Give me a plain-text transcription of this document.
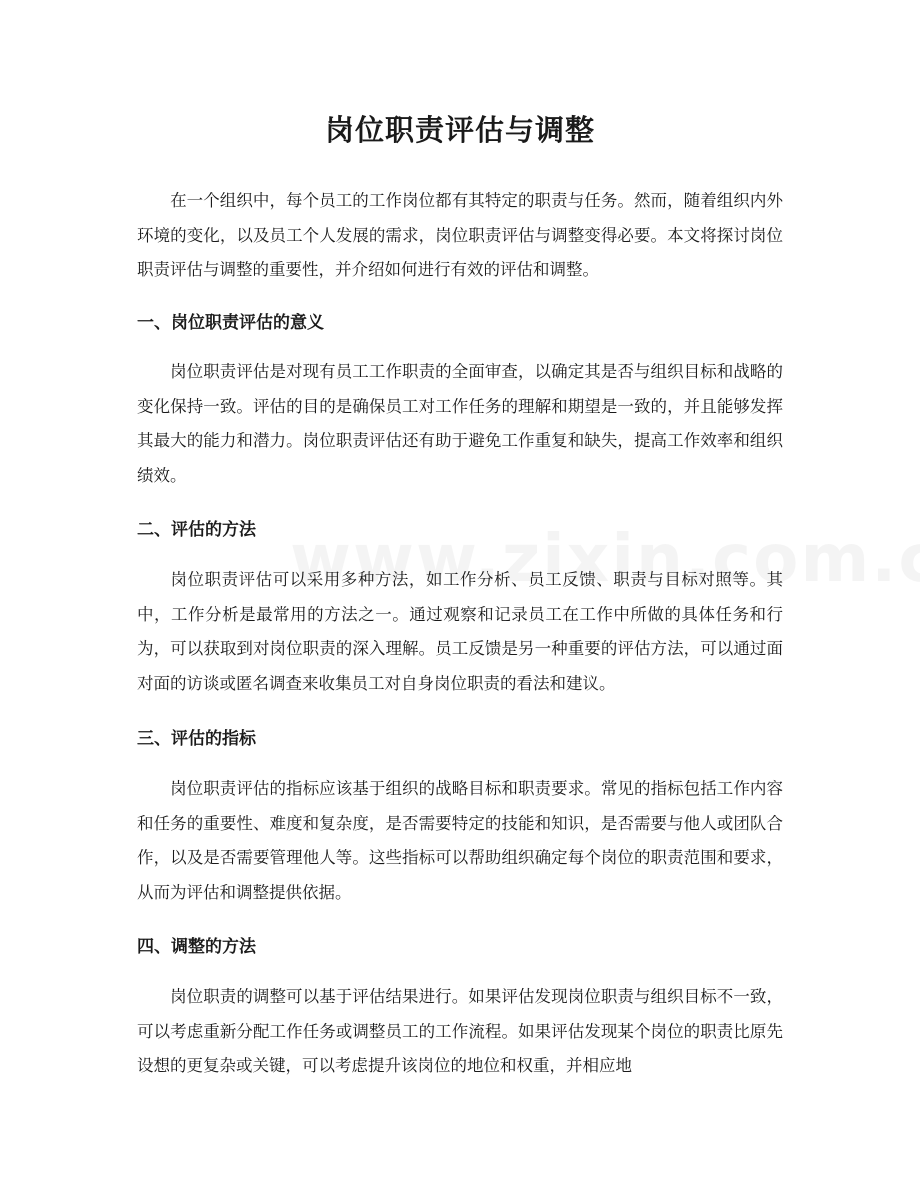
岗位职责评估与调整

在一个组织中，每个员工的工作岗位都有其特定的职责与任务。然而，随着组织内外环境的变化，以及员工个人发展的需求，岗位职责评估与调整变得必要。本文将探讨岗位职责评估与调整的重要性，并介绍如何进行有效的评估和调整。

一、岗位职责评估的意义

岗位职责评估是对现有员工工作职责的全面审查，以确定其是否与组织目标和战略的变化保持一致。评估的目的是确保员工对工作任务的理解和期望是一致的，并且能够发挥其最大的能力和潜力。岗位职责评估还有助于避免工作重复和缺失，提高工作效率和组织绩效。

二、评估的方法

岗位职责评估可以采用多种方法，如工作分析、员工反馈、职责与目标对照等。其中，工作分析是最常用的方法之一。通过观察和记录员工在工作中所做的具体任务和行为，可以获取到对岗位职责的深入理解。员工反馈是另一种重要的评估方法，可以通过面对面的访谈或匿名调查来收集员工对自身岗位职责的看法和建议。

三、评估的指标

岗位职责评估的指标应该基于组织的战略目标和职责要求。常见的指标包括工作内容和任务的重要性、难度和复杂度，是否需要特定的技能和知识，是否需要与他人或团队合作，以及是否需要管理他人等。这些指标可以帮助组织确定每个岗位的职责范围和要求，从而为评估和调整提供依据。

四、调整的方法

岗位职责的调整可以基于评估结果进行。如果评估发现岗位职责与组织目标不一致，可以考虑重新分配工作任务或调整员工的工作流程。如果评估发现某个岗位的职责比原先设想的更复杂或关键，可以考虑提升该岗位的地位和权重，并相应地
